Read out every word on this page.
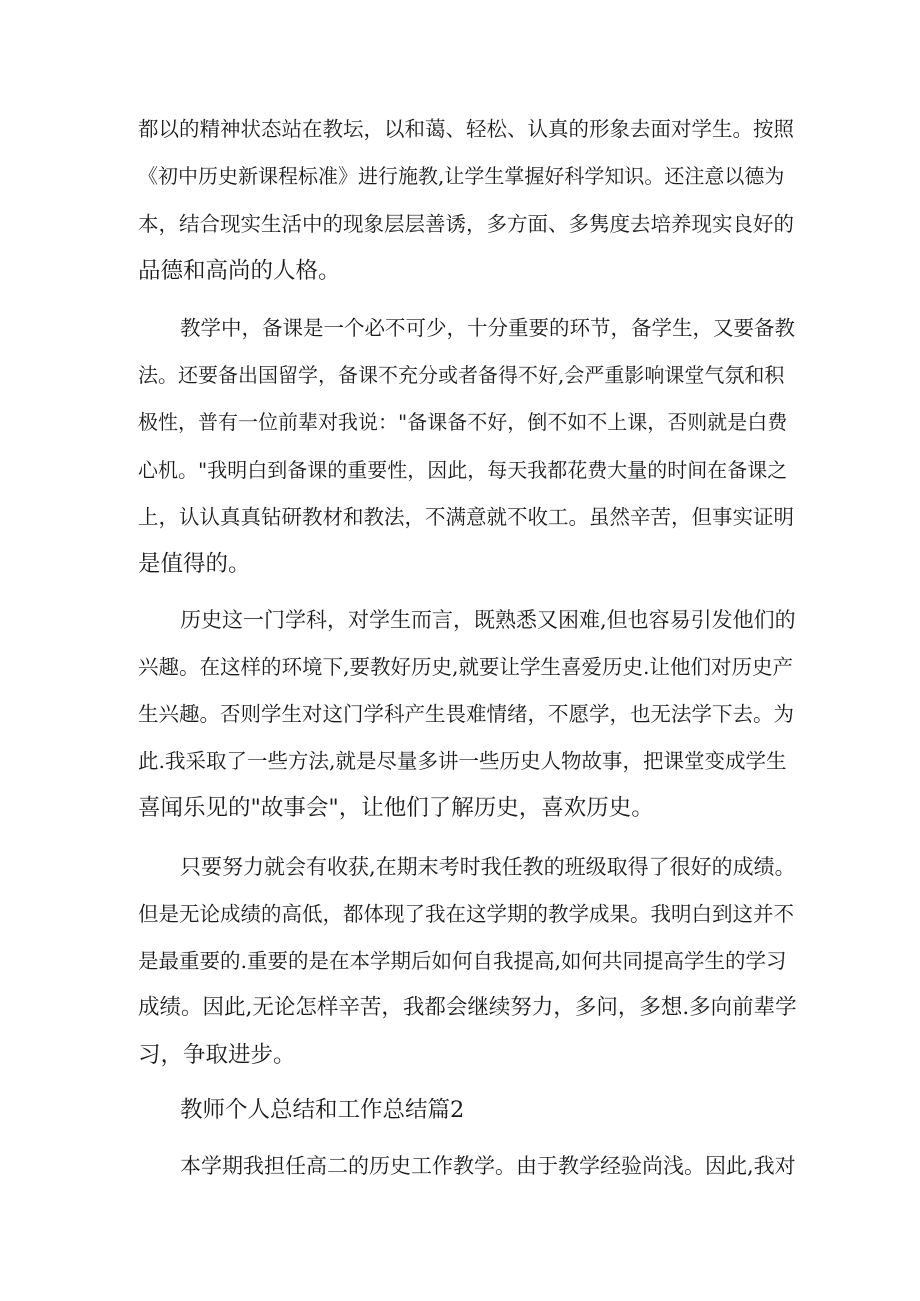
都以的精神状态站在教坛，以和蔼、轻松、认真的形象去面对学生。按照
《初中历史新课程标准》进行施教,让学生掌握好科学知识。还注意以德为
本，结合现实生活中的现象层层善诱，多方面、多隽度去培养现实良好的
品德和高尚的人格。
教学中，备课是一个必不可少，十分重要的环节，备学生，又要备教
法。还要备出国留学，备课不充分或者备得不好,会严重影响课堂气氛和积
极性，普有一位前辈对我说："备课备不好，倒不如不上课，否则就是白费
心机。"我明白到备课的重要性，因此，每天我都花费大量的时间在备课之
上，认认真真钻研教材和教法，不满意就不收工。虽然辛苦，但事实证明
是值得的。
历史这一门学科，对学生而言，既熟悉又困难,但也容易引发他们的
兴趣。在这样的环境下,要教好历史,就要让学生喜爱历史.让他们对历史产
生兴趣。否则学生对这门学科产生畏难情绪，不愿学，也无法学下去。为
此.我采取了一些方法,就是尽量多讲一些历史人物故事，把课堂变成学生
喜闻乐见的"故事会"，让他们了解历史，喜欢历史。
只要努力就会有收获,在期末考时我任教的班级取得了很好的成绩。
但是无论成绩的高低，都体现了我在这学期的教学成果。我明白到这并不
是最重要的.重要的是在本学期后如何自我提高,如何共同提高学生的学习
成绩。因此,无论怎样辛苦，我都会继续努力，多问，多想.多向前辈学
习，争取进步。
教师个人总结和工作总结篇2
本学期我担任高二的历史工作教学。由于教学经验尚浅。因此,我对
